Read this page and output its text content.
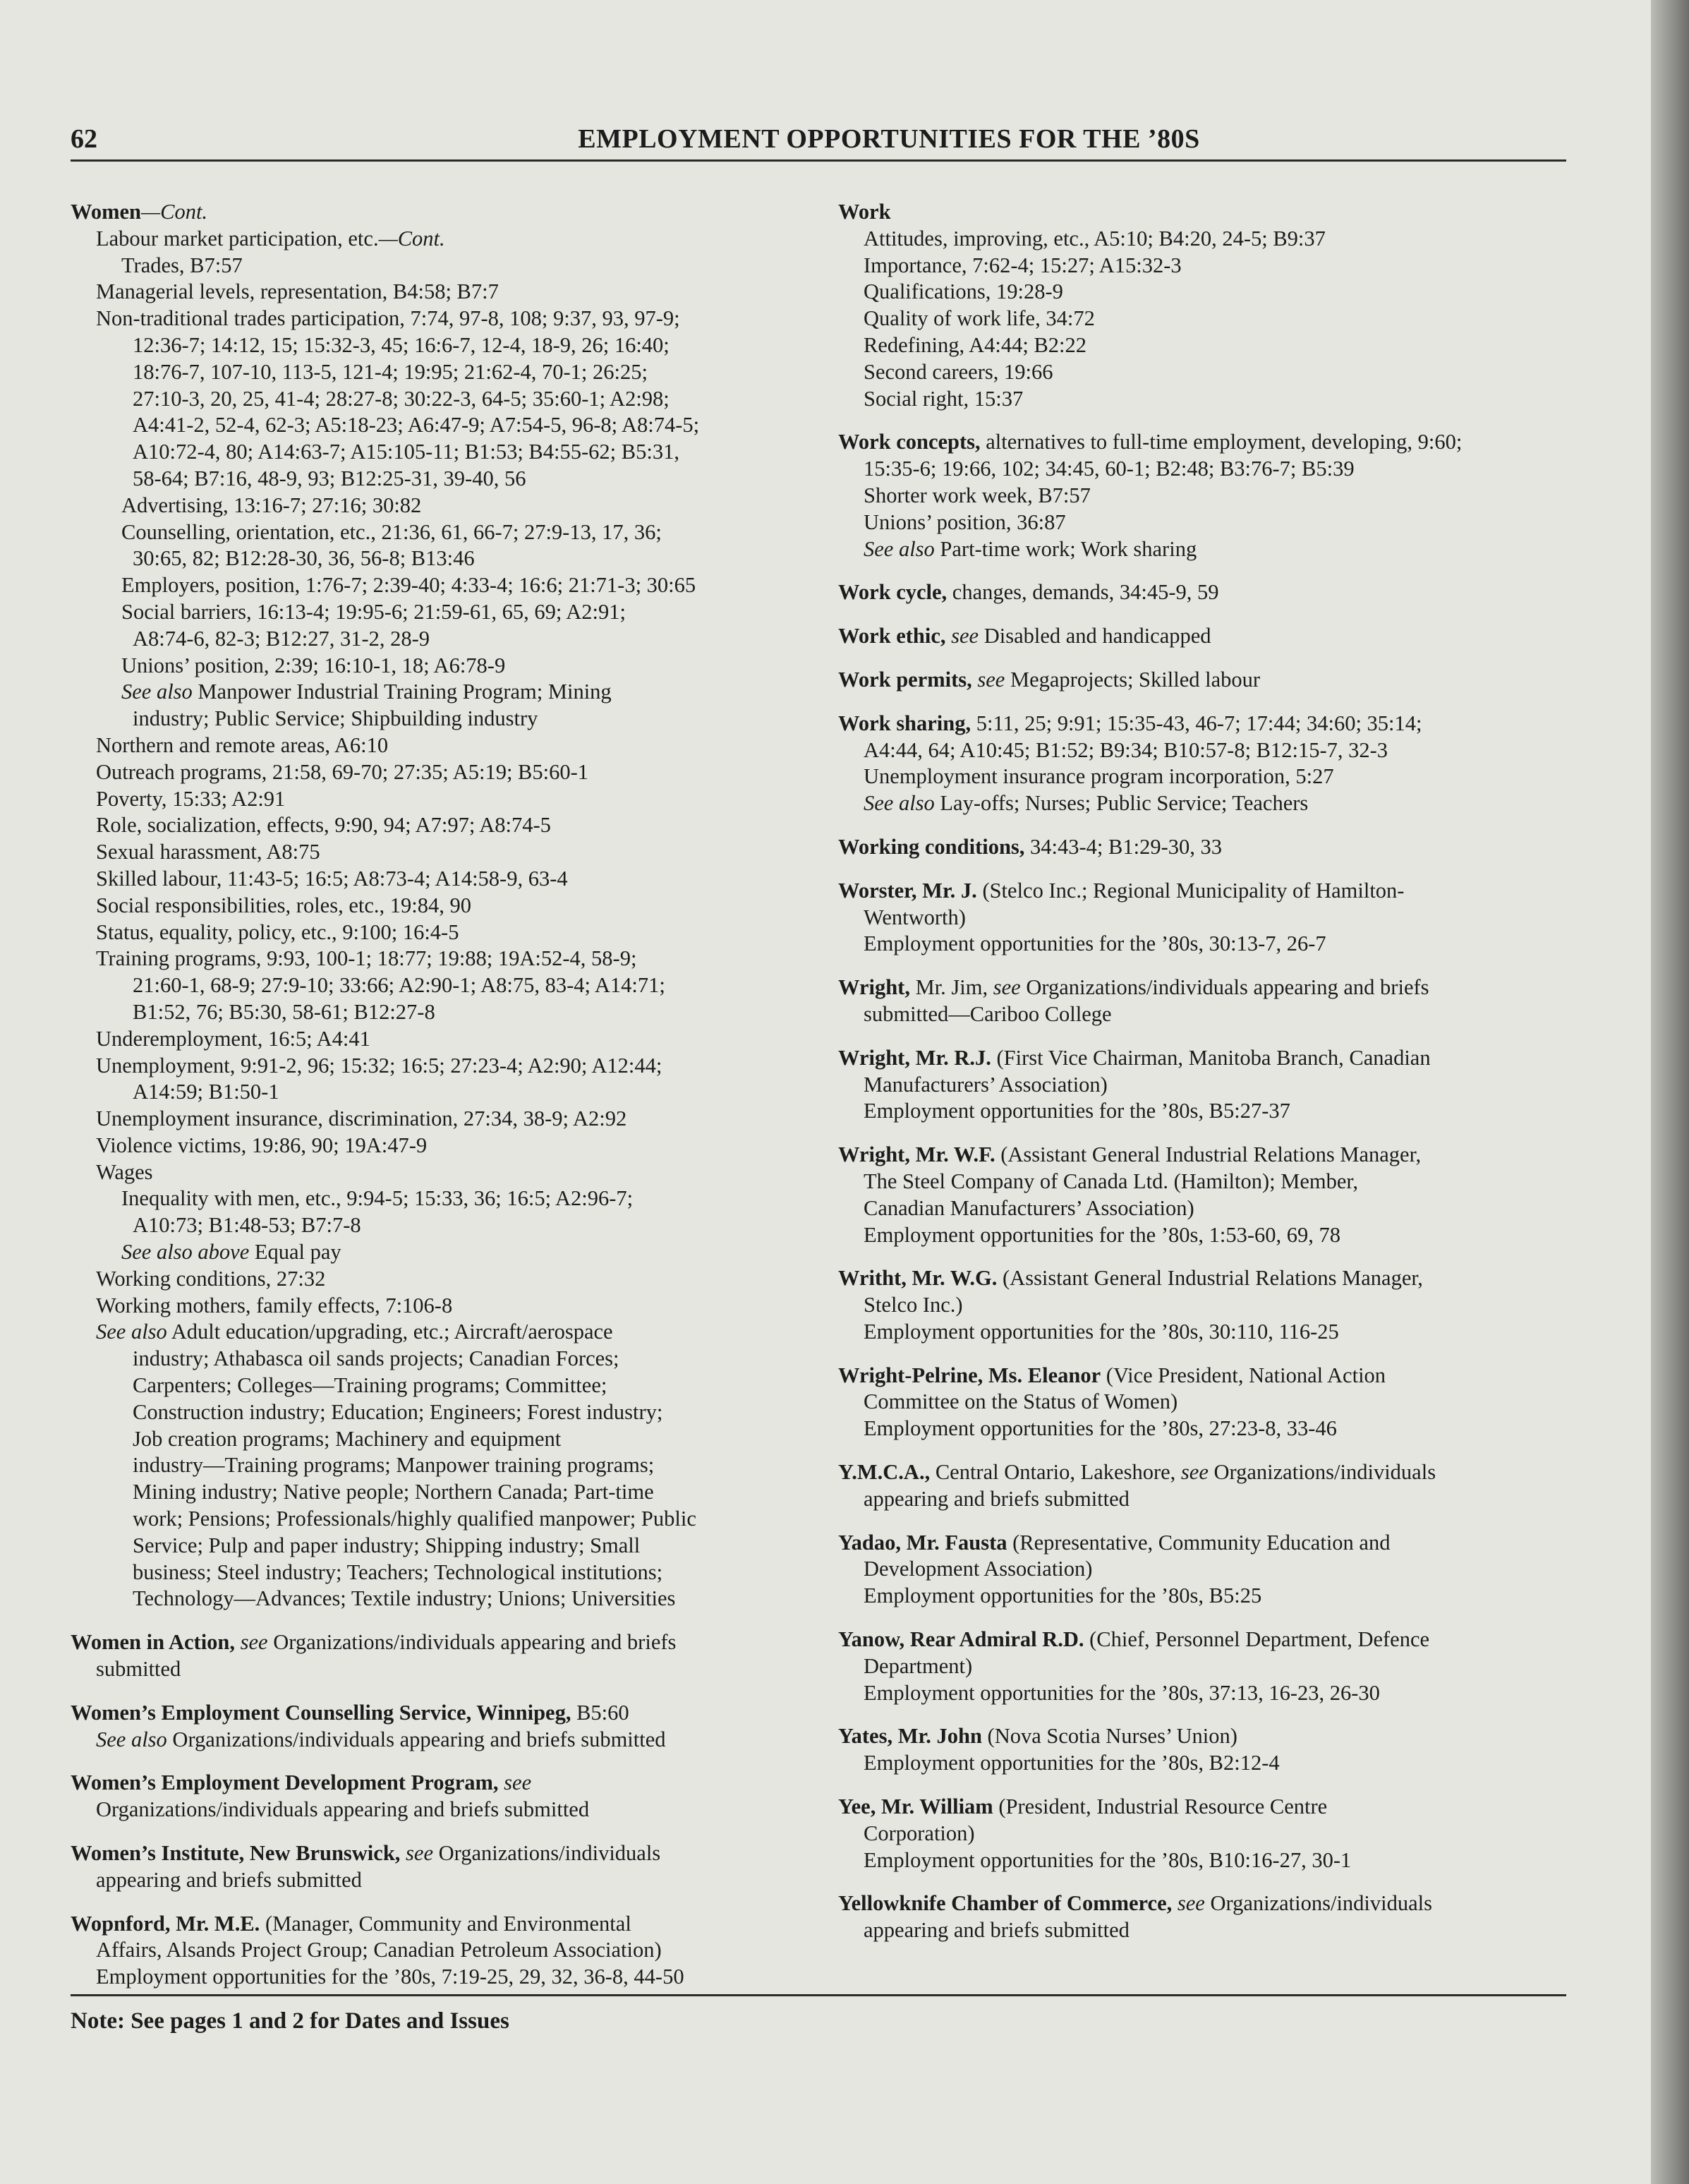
62	EMPLOYMENT OPPORTUNITIES FOR THE ’80S
Women—Cont.
Labour market participation, etc.—Cont.
Trades, B7:57
Managerial levels, representation, B4:58; B7:7
Non-traditional trades participation, 7:74, 97-8, 108; 9:37, 93, 97-9;
12:36-7; 14:12, 15; 15:32-3, 45; 16:6-7, 12-4, 18-9, 26; 16:40;
18:76-7, 107-10, 113-5, 121-4; 19:95; 21:62-4, 70-1; 26:25;
27:10-3, 20, 25, 41-4; 28:27-8; 30:22-3, 64-5; 35:60-1; A2:98;
A4:41-2, 52-4, 62-3; A5:18-23; A6:47-9; A7:54-5, 96-8; A8:74-5;
A10:72-4, 80; A14:63-7; A15:105-11; B1:53; B4:55-62; B5:31,
58-64; B7:16, 48-9, 93; B12:25-31, 39-40, 56
Advertising, 13:16-7; 27:16; 30:82
Counselling, orientation, etc., 21:36, 61, 66-7; 27:9-13, 17, 36;
30:65, 82; B12:28-30, 36, 56-8; B13:46
Employers, position, 1:76-7; 2:39-40; 4:33-4; 16:6; 21:71-3; 30:65
Social barriers, 16:13-4; 19:95-6; 21:59-61, 65, 69; A2:91;
A8:74-6, 82-3; B12:27, 31-2, 28-9
Unions’ position, 2:39; 16:10-1, 18; A6:78-9
See also Manpower Industrial Training Program; Mining
industry; Public Service; Shipbuilding industry
Northern and remote areas, A6:10
Outreach programs, 21:58, 69-70; 27:35; A5:19; B5:60-1
Poverty, 15:33; A2:91
Role, socialization, effects, 9:90, 94; A7:97; A8:74-5
Sexual harassment, A8:75
Skilled labour, 11:43-5; 16:5; A8:73-4; A14:58-9, 63-4
Social responsibilities, roles, etc., 19:84, 90
Status, equality, policy, etc., 9:100; 16:4-5
Training programs, 9:93, 100-1; 18:77; 19:88; 19A:52-4, 58-9;
21:60-1, 68-9; 27:9-10; 33:66; A2:90-1; A8:75, 83-4; A14:71;
B1:52, 76; B5:30, 58-61; B12:27-8
Underemployment, 16:5; A4:41
Unemployment, 9:91-2, 96; 15:32; 16:5; 27:23-4; A2:90; A12:44;
A14:59; B1:50-1
Unemployment insurance, discrimination, 27:34, 38-9; A2:92
Violence victims, 19:86, 90; 19A:47-9
Wages
Inequality with men, etc., 9:94-5; 15:33, 36; 16:5; A2:96-7;
A10:73; B1:48-53; B7:7-8
See also above Equal pay
Working conditions, 27:32
Working mothers, family effects, 7:106-8
See also Adult education/upgrading, etc.; Aircraft/aerospace
industry; Athabasca oil sands projects; Canadian Forces;
Carpenters; Colleges—Training programs; Committee;
Construction industry; Education; Engineers; Forest industry;
Job creation programs; Machinery and equipment
industry—Training programs; Manpower training programs;
Mining industry; Native people; Northern Canada; Part-time
work; Pensions; Professionals/highly qualified manpower; Public
Service; Pulp and paper industry; Shipping industry; Small
business; Steel industry; Teachers; Technological institutions;
Technology—Advances; Textile industry; Unions; Universities
Women in Action, see Organizations/individuals appearing and briefs
submitted
Women’s Employment Counselling Service, Winnipeg, B5:60
See also Organizations/individuals appearing and briefs submitted
Women’s Employment Development Program, see
Organizations/individuals appearing and briefs submitted
Women’s Institute, New Brunswick, see Organizations/individuals
appearing and briefs submitted
Wopnford, Mr. M.E. (Manager, Community and Environmental
Affairs, Alsands Project Group; Canadian Petroleum Association)
Employment opportunities for the ’80s, 7:19-25, 29, 32, 36-8, 44-50
Work
Attitudes, improving, etc., A5:10; B4:20, 24-5; B9:37
Importance, 7:62-4; 15:27; A15:32-3
Qualifications, 19:28-9
Quality of work life, 34:72
Redefining, A4:44; B2:22
Second careers, 19:66
Social right, 15:37
Work concepts, alternatives to full-time employment, developing, 9:60;
15:35-6; 19:66, 102; 34:45, 60-1; B2:48; B3:76-7; B5:39
Shorter work week, B7:57
Unions’ position, 36:87
See also Part-time work; Work sharing
Work cycle, changes, demands, 34:45-9, 59
Work ethic, see Disabled and handicapped
Work permits, see Megaprojects; Skilled labour
Work sharing, 5:11, 25; 9:91; 15:35-43, 46-7; 17:44; 34:60; 35:14;
A4:44, 64; A10:45; B1:52; B9:34; B10:57-8; B12:15-7, 32-3
Unemployment insurance program incorporation, 5:27
See also Lay-offs; Nurses; Public Service; Teachers
Working conditions, 34:43-4; B1:29-30, 33
Worster, Mr. J. (Stelco Inc.; Regional Municipality of Hamilton-
Wentworth)
Employment opportunities for the ’80s, 30:13-7, 26-7
Wright, Mr. Jim, see Organizations/individuals appearing and briefs
submitted—Cariboo College
Wright, Mr. R.J. (First Vice Chairman, Manitoba Branch, Canadian
Manufacturers’ Association)
Employment opportunities for the ’80s, B5:27-37
Wright, Mr. W.F. (Assistant General Industrial Relations Manager,
The Steel Company of Canada Ltd. (Hamilton); Member,
Canadian Manufacturers’ Association)
Employment opportunities for the ’80s, 1:53-60, 69, 78
Writht, Mr. W.G. (Assistant General Industrial Relations Manager,
Stelco Inc.)
Employment opportunities for the ’80s, 30:110, 116-25
Wright-Pelrine, Ms. Eleanor (Vice President, National Action
Committee on the Status of Women)
Employment opportunities for the ’80s, 27:23-8, 33-46
Y.M.C.A., Central Ontario, Lakeshore, see Organizations/individuals
appearing and briefs submitted
Yadao, Mr. Fausta (Representative, Community Education and
Development Association)
Employment opportunities for the ’80s, B5:25
Yanow, Rear Admiral R.D. (Chief, Personnel Department, Defence
Department)
Employment opportunities for the ’80s, 37:13, 16-23, 26-30
Yates, Mr. John (Nova Scotia Nurses’ Union)
Employment opportunities for the ’80s, B2:12-4
Yee, Mr. William (President, Industrial Resource Centre
Corporation)
Employment opportunities for the ’80s, B10:16-27, 30-1
Yellowknife Chamber of Commerce, see Organizations/individuals
appearing and briefs submitted
Note: See pages 1 and 2 for Dates and Issues
